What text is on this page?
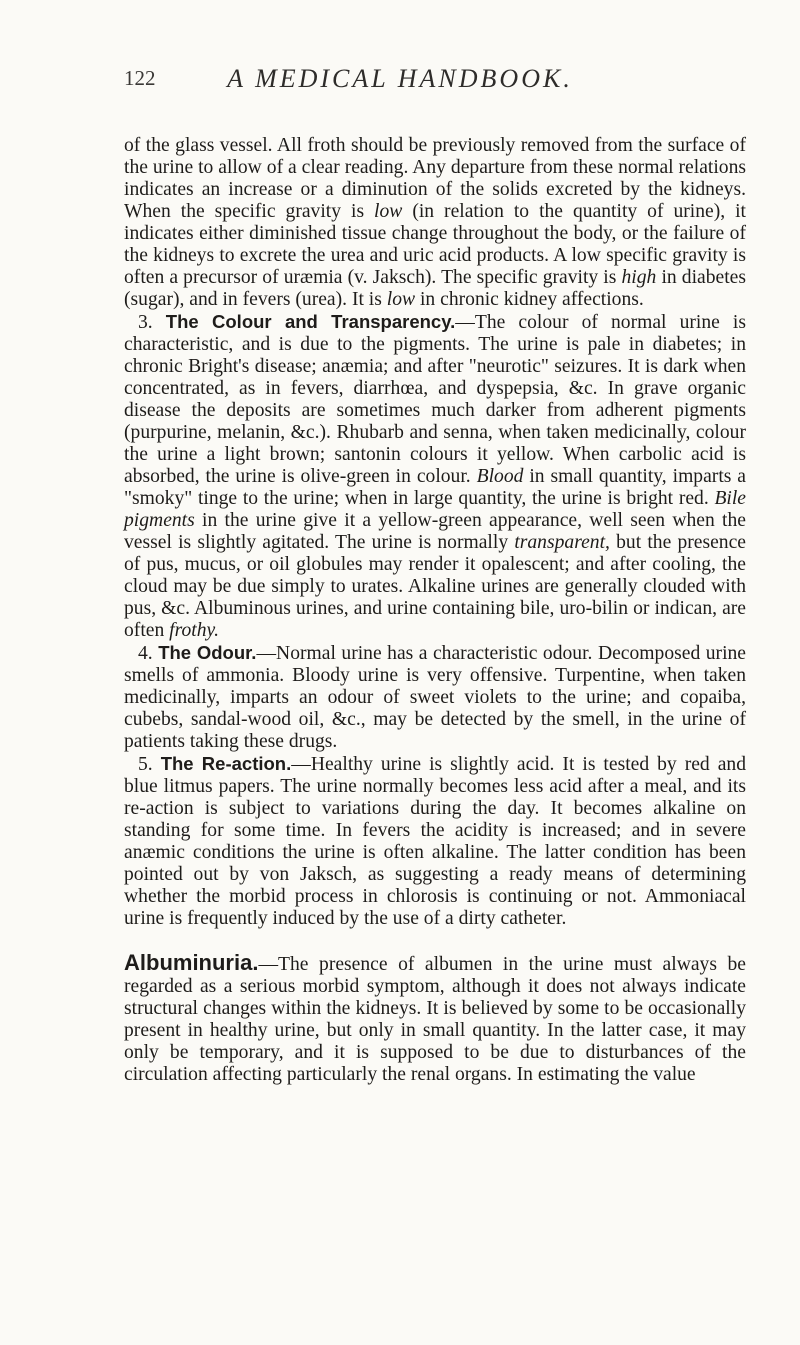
122	A MEDICAL HANDBOOK.

of the glass vessel. All froth should be previously removed from the surface of the urine to allow of a clear reading. Any departure from these normal relations indicates an increase or a diminution of the solids excreted by the kidneys. When the specific gravity is low (in relation to the quantity of urine), it indicates either diminished tissue change throughout the body, or the failure of the kidneys to excrete the urea and uric acid products. A low specific gravity is often a precursor of uræmia (v. Jaksch). The specific gravity is high in diabetes (sugar), and in fevers (urea). It is low in chronic kidney affections.

3. The Colour and Transparency.—The colour of normal urine is characteristic, and is due to the pigments. The urine is pale in diabetes; in chronic Bright's disease; anæmia; and after "neurotic" seizures. It is dark when concentrated, as in fevers, diarrhœa, and dyspepsia, &c. In grave organic disease the deposits are sometimes much darker from adherent pigments (purpurine, melanin, &c.). Rhubarb and senna, when taken medicinally, colour the urine a light brown; santonin colours it yellow. When carbolic acid is absorbed, the urine is olive-green in colour. Blood in small quantity, imparts a "smoky" tinge to the urine; when in large quantity, the urine is bright red. Bile pigments in the urine give it a yellow-green appearance, well seen when the vessel is slightly agitated. The urine is normally transparent, but the presence of pus, mucus, or oil globules may render it opalescent; and after cooling, the cloud may be due simply to urates. Alkaline urines are generally clouded with pus, &c. Albuminous urines, and urine containing bile, uro-bilin or indican, are often frothy.

4. The Odour.—Normal urine has a characteristic odour. Decomposed urine smells of ammonia. Bloody urine is very offensive. Turpentine, when taken medicinally, imparts an odour of sweet violets to the urine; and copaiba, cubebs, sandal-wood oil, &c., may be detected by the smell, in the urine of patients taking these drugs.

5. The Re-action.—Healthy urine is slightly acid. It is tested by red and blue litmus papers. The urine normally becomes less acid after a meal, and its re-action is subject to variations during the day. It becomes alkaline on standing for some time. In fevers the acidity is increased; and in severe anæmic conditions the urine is often alkaline. The latter condition has been pointed out by von Jaksch, as suggesting a ready means of determining whether the morbid process in chlorosis is continuing or not. Ammoniacal urine is frequently induced by the use of a dirty catheter.

Albuminuria.—The presence of albumen in the urine must always be regarded as a serious morbid symptom, although it does not always indicate structural changes within the kidneys. It is believed by some to be occasionally present in healthy urine, but only in small quantity. In the latter case, it may only be temporary, and it is supposed to be due to disturbances of the circulation affecting particularly the renal organs. In estimating the value
